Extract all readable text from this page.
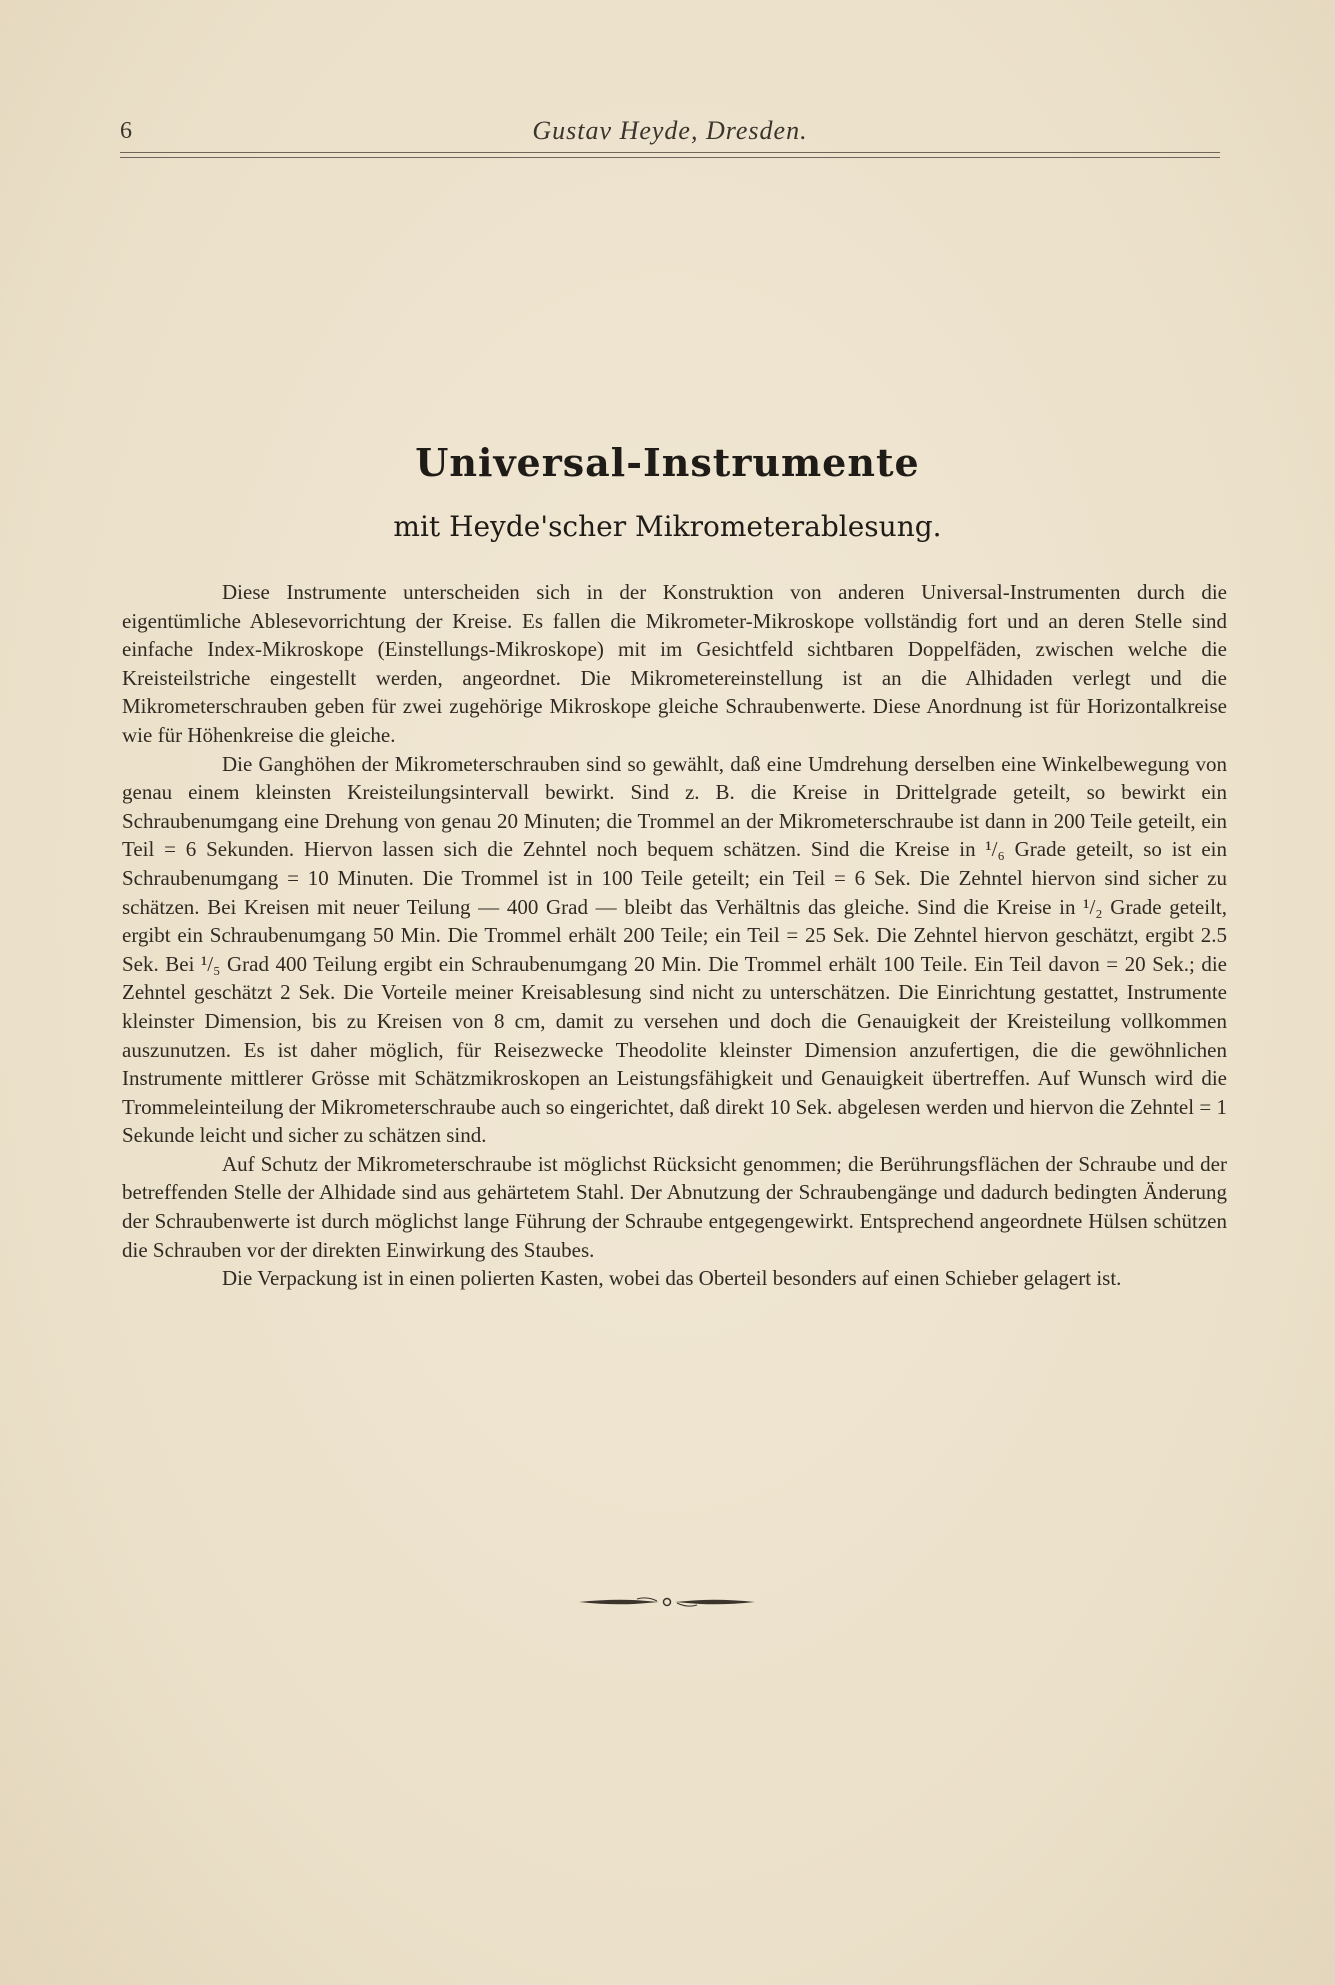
6	Gustav Heyde, Dresden.
Universal-Instrumente
mit Heyde'scher Mikrometerablesung.

Diese Instrumente unterscheiden sich in der Konstruktion von anderen Universal-Instrumenten durch die eigentümliche Ablesevorrichtung der Kreise. Es fallen die Mikrometer-Mikroskope vollständig fort und an deren Stelle sind einfache Index-Mikroskope (Einstellungs-Mikroskope) mit im Gesichtfeld sichtbaren Doppelfäden, zwischen welche die Kreisteilstriche eingestellt werden, angeordnet. Die Mikrometereinstellung ist an die Alhidaden verlegt und die Mikrometerschrauben geben für zwei zugehörige Mikroskope gleiche Schraubenwerte. Diese Anordnung ist für Horizontalkreise wie für Höhenkreise die gleiche.

Die Ganghöhen der Mikrometerschrauben sind so gewählt, daß eine Umdrehung derselben eine Winkelbewegung von genau einem kleinsten Kreisteilungsintervall bewirkt. Sind z. B. die Kreise in Drittelgrade geteilt, so bewirkt ein Schraubenumgang eine Drehung von genau 20 Minuten; die Trommel an der Mikrometerschraube ist dann in 200 Teile geteilt, ein Teil = 6 Sekunden. Hiervon lassen sich die Zehntel noch bequem schätzen. Sind die Kreise in ¹/₆ Grade geteilt, so ist ein Schraubenumgang = 10 Minuten. Die Trommel ist in 100 Teile geteilt; ein Teil = 6 Sek. Die Zehntel hiervon sind sicher zu schätzen. Bei Kreisen mit neuer Teilung — 400 Grad — bleibt das Verhältnis das gleiche. Sind die Kreise in ¹/₂ Grade geteilt, ergibt ein Schraubenumgang 50 Min. Die Trommel erhält 200 Teile; ein Teil = 25 Sek. Die Zehntel hiervon geschätzt, ergibt 2.5 Sek. Bei ¹/₅ Grad 400 Teilung ergibt ein Schraubenumgang 20 Min. Die Trommel erhält 100 Teile. Ein Teil davon = 20 Sek.; die Zehntel geschätzt 2 Sek. Die Vorteile meiner Kreisablesung sind nicht zu unterschätzen. Die Einrichtung gestattet, Instrumente kleinster Dimension, bis zu Kreisen von 8 cm, damit zu versehen und doch die Genauigkeit der Kreisteilung vollkommen auszunutzen. Es ist daher möglich, für Reisezwecke Theodolite kleinster Dimension anzufertigen, die die gewöhnlichen Instrumente mittlerer Grösse mit Schätzmikroskopen an Leistungsfähigkeit und Genauigkeit übertreffen. Auf Wunsch wird die Trommeleinteilung der Mikrometerschraube auch so eingerichtet, daß direkt 10 Sek. abgelesen werden und hiervon die Zehntel = 1 Sekunde leicht und sicher zu schätzen sind.

Auf Schutz der Mikrometerschraube ist möglichst Rücksicht genommen; die Berührungsflächen der Schraube und der betreffenden Stelle der Alhidade sind aus gehärtetem Stahl. Der Abnutzung der Schraubengänge und dadurch bedingten Änderung der Schraubenwerte ist durch möglichst lange Führung der Schraube entgegengewirkt. Entsprechend angeordnete Hülsen schützen die Schrauben vor der direkten Einwirkung des Staubes.

Die Verpackung ist in einen polierten Kasten, wobei das Oberteil besonders auf einen Schieber gelagert ist.
